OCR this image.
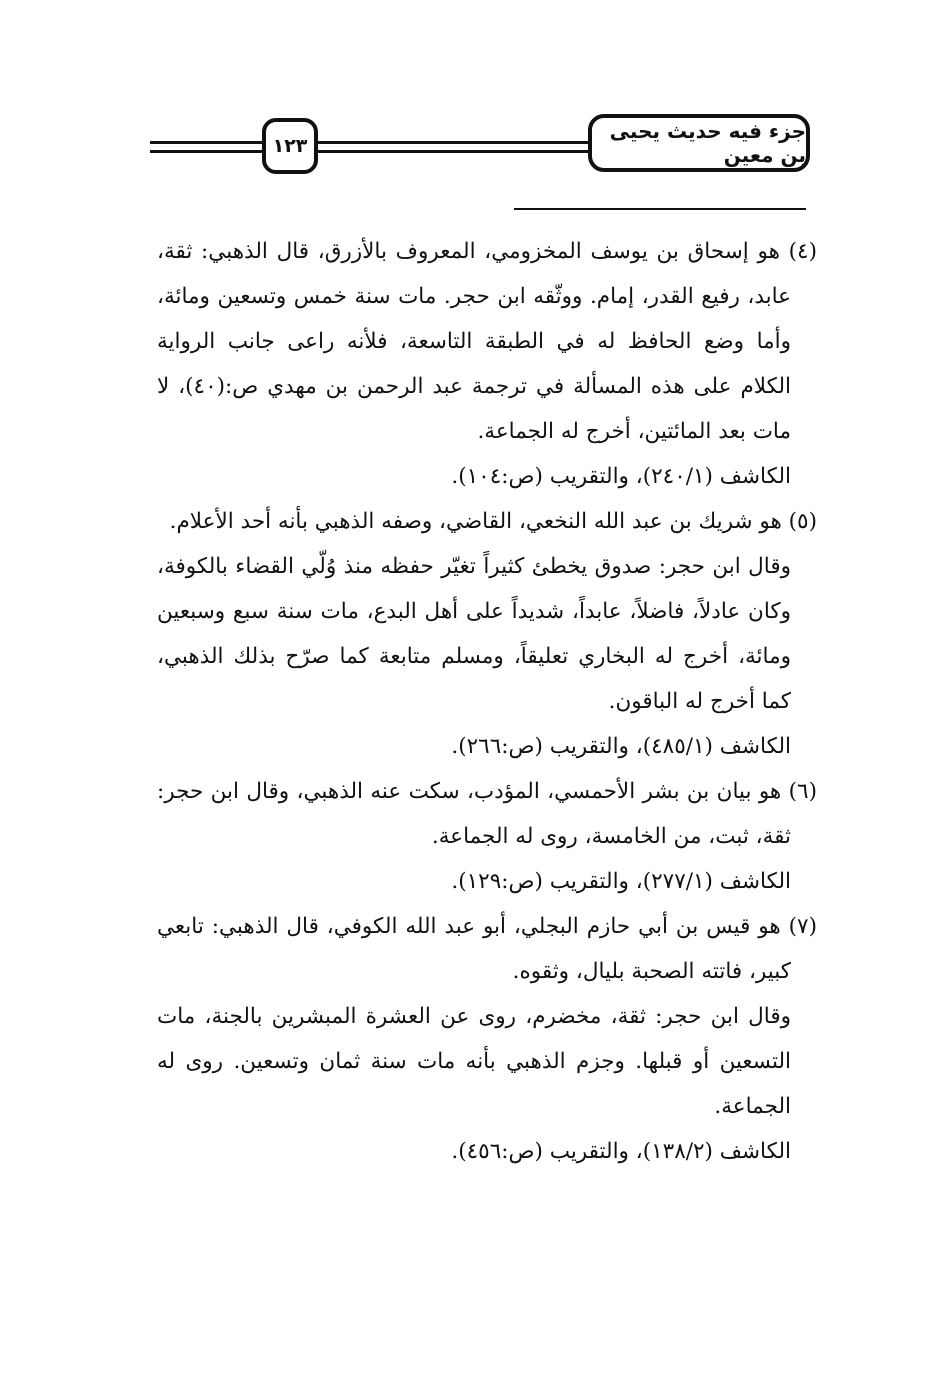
١٢٣
جزء فيه حديث يحيى بن معين
(٤) هو إسحاق بن يوسف المخزومي، المعروف بالأزرق، قال الذهبي: ثقة،
عابد، رفيع القدر، إمام. ووثّقه ابن حجر. مات سنة خمس وتسعين ومائة،
وأما وضع الحافظ له في الطبقة التاسعة، فلأنه راعى جانب الرواية
الكلام على هذه المسألة في ترجمة عبد الرحمن بن مهدي ص:(٤٠)، لا
مات بعد المائتين، أخرج له الجماعة.
الكاشف (٢٤٠/١)، والتقريب (ص:١٠٤).
(٥) هو شريك بن عبد الله النخعي، القاضي، وصفه الذهبي بأنه أحد الأعلام.
وقال ابن حجر: صدوق يخطئ كثيراً تغيّر حفظه منذ وُلّي القضاء بالكوفة،
وكان عادلاً، فاضلاً، عابداً، شديداً على أهل البدع، مات سنة سبع وسبعين
ومائة، أخرج له البخاري تعليقاً، ومسلم متابعة كما صرّح بذلك الذهبي،
كما أخرج له الباقون.
الكاشف (٤٨٥/١)، والتقريب (ص:٢٦٦).
(٦) هو بيان بن بشر الأحمسي، المؤدب، سكت عنه الذهبي، وقال ابن حجر:
ثقة، ثبت، من الخامسة، روى له الجماعة.
الكاشف (٢٧٧/١)، والتقريب (ص:١٢٩).
(٧) هو قيس بن أبي حازم البجلي، أبو عبد الله الكوفي، قال الذهبي: تابعي
كبير، فاتته الصحبة بليال، وثقوه.
وقال ابن حجر: ثقة، مخضرم، روى عن العشرة المبشرين بالجنة، مات
التسعين أو قبلها. وجزم الذهبي بأنه مات سنة ثمان وتسعين. روى له
الجماعة.
الكاشف (١٣٨/٢)، والتقريب (ص:٤٥٦).
